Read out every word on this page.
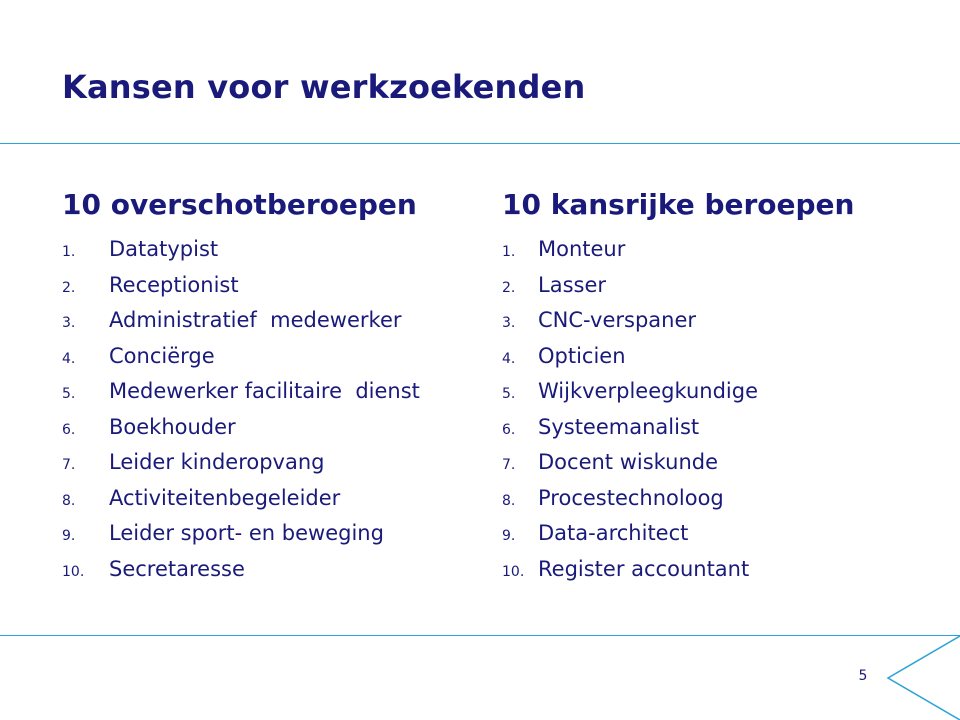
Kansen voor werkzoekenden
10 overschotberoepen
1.	Datatypist
2.	Receptionist
3.	Administratief  medewerker
4.	Conciërge
5.	Medewerker facilitaire  dienst
6.	Boekhouder
7.	Leider kinderopvang
8.	Activiteitenbegeleider
9.	Leider sport- en beweging
10.	Secretaresse
10 kansrijke beroepen
1.	Monteur
2.	Lasser
3.	CNC-verspaner
4.	Opticien
5.	Wijkverpleegkundige
6.	Systeemanalist
7.	Docent wiskunde
8.	Procestechnoloog
9.	Data-architect
10. Register accountant
5
